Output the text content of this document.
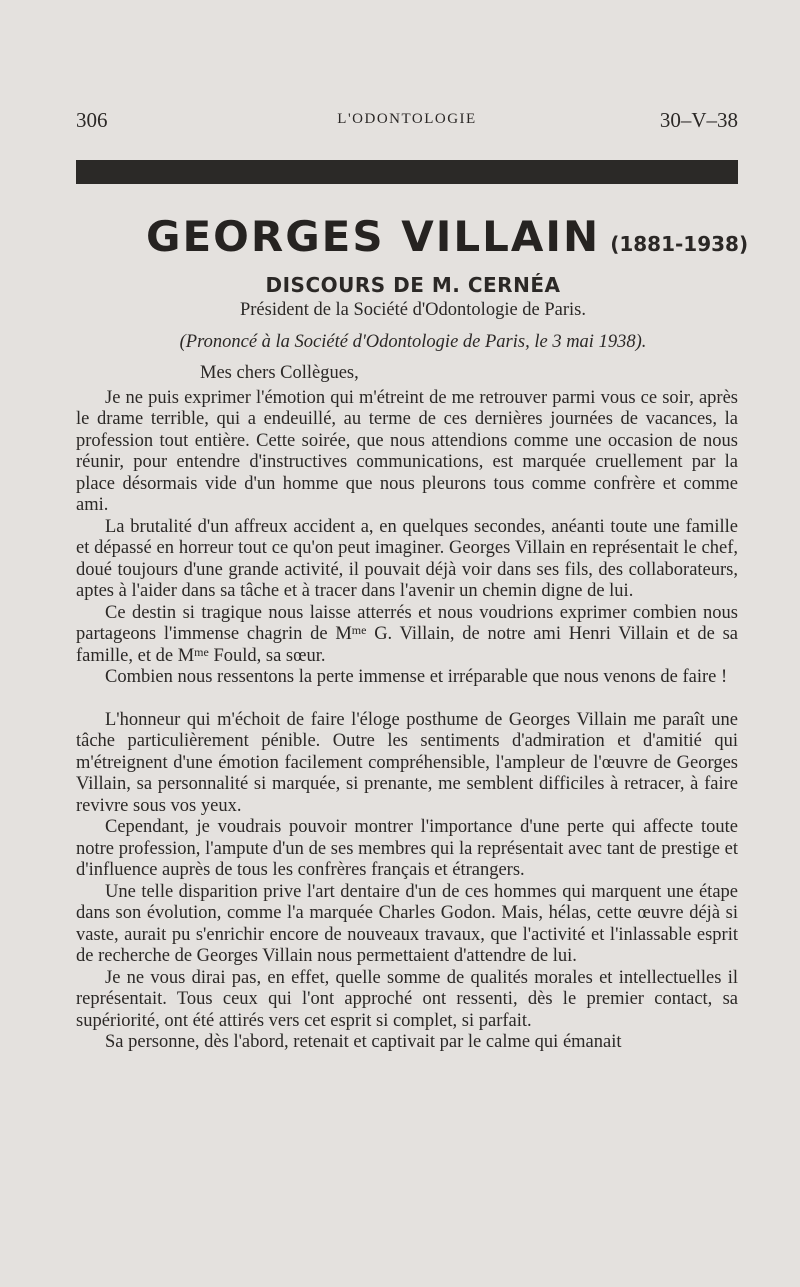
306	L'ODONTOLOGIE	30–V–38
GEORGES VILLAIN (1881-1938)
DISCOURS DE M. CERNÉA
Président de la Société d'Odontologie de Paris.
(Prononcé à la Société d'Odontologie de Paris, le 3 mai 1938).

Mes chers Collègues,

Je ne puis exprimer l'émotion qui m'étreint de me retrouver parmi vous ce soir, après le drame terrible, qui a endeuillé, au terme de ces dernières journées de vacances, la profession tout entière. Cette soirée, que nous attendions comme une occasion de nous réunir, pour entendre d'instructives communications, est marquée cruellement par la place désormais vide d'un homme que nous pleurons tous comme confrère et comme ami.

La brutalité d'un affreux accident a, en quelques secondes, anéanti toute une famille et dépassé en horreur tout ce qu'on peut imaginer. Georges Villain en représentait le chef, doué toujours d'une grande activité, il pouvait déjà voir dans ses fils, des collaborateurs, aptes à l'aider dans sa tâche et à tracer dans l'avenir un chemin digne de lui.

Ce destin si tragique nous laisse atterrés et nous voudrions exprimer combien nous partageons l'immense chagrin de $M^{me}$ G. Villain, de notre ami Henri Villain et de sa famille, et de $M^{me}$ Fould, sa sœur.

Combien nous ressentons la perte immense et irréparable que nous venons de faire !

L'honneur qui m'échoit de faire l'éloge posthume de Georges Villain me paraît une tâche particulièrement pénible. Outre les sentiments d'admiration et d'amitié qui m'étreignent d'une émotion facilement compréhensible, l'ampleur de l'œuvre de Georges Villain, sa personnalité si marquée, si prenante, me semblent difficiles à retracer, à faire revivre sous vos yeux.

Cependant, je voudrais pouvoir montrer l'importance d'une perte qui affecte toute notre profession, l'ampute d'un de ses membres qui la représentait avec tant de prestige et d'influence auprès de tous les confrères français et étrangers.

Une telle disparition prive l'art dentaire d'un de ces hommes qui marquent une étape dans son évolution, comme l'a marquée Charles Godon. Mais, hélas, cette œuvre déjà si vaste, aurait pu s'enrichir encore de nouveaux travaux, que l'activité et l'inlassable esprit de recherche de Georges Villain nous permettaient d'attendre de lui.

Je ne vous dirai pas, en effet, quelle somme de qualités morales et intellectuelles il représentait. Tous ceux qui l'ont approché ont ressenti, dès le premier contact, sa supériorité, ont été attirés vers cet esprit si complet, si parfait.

Sa personne, dès l'abord, retenait et captivait par le calme qui émanait
